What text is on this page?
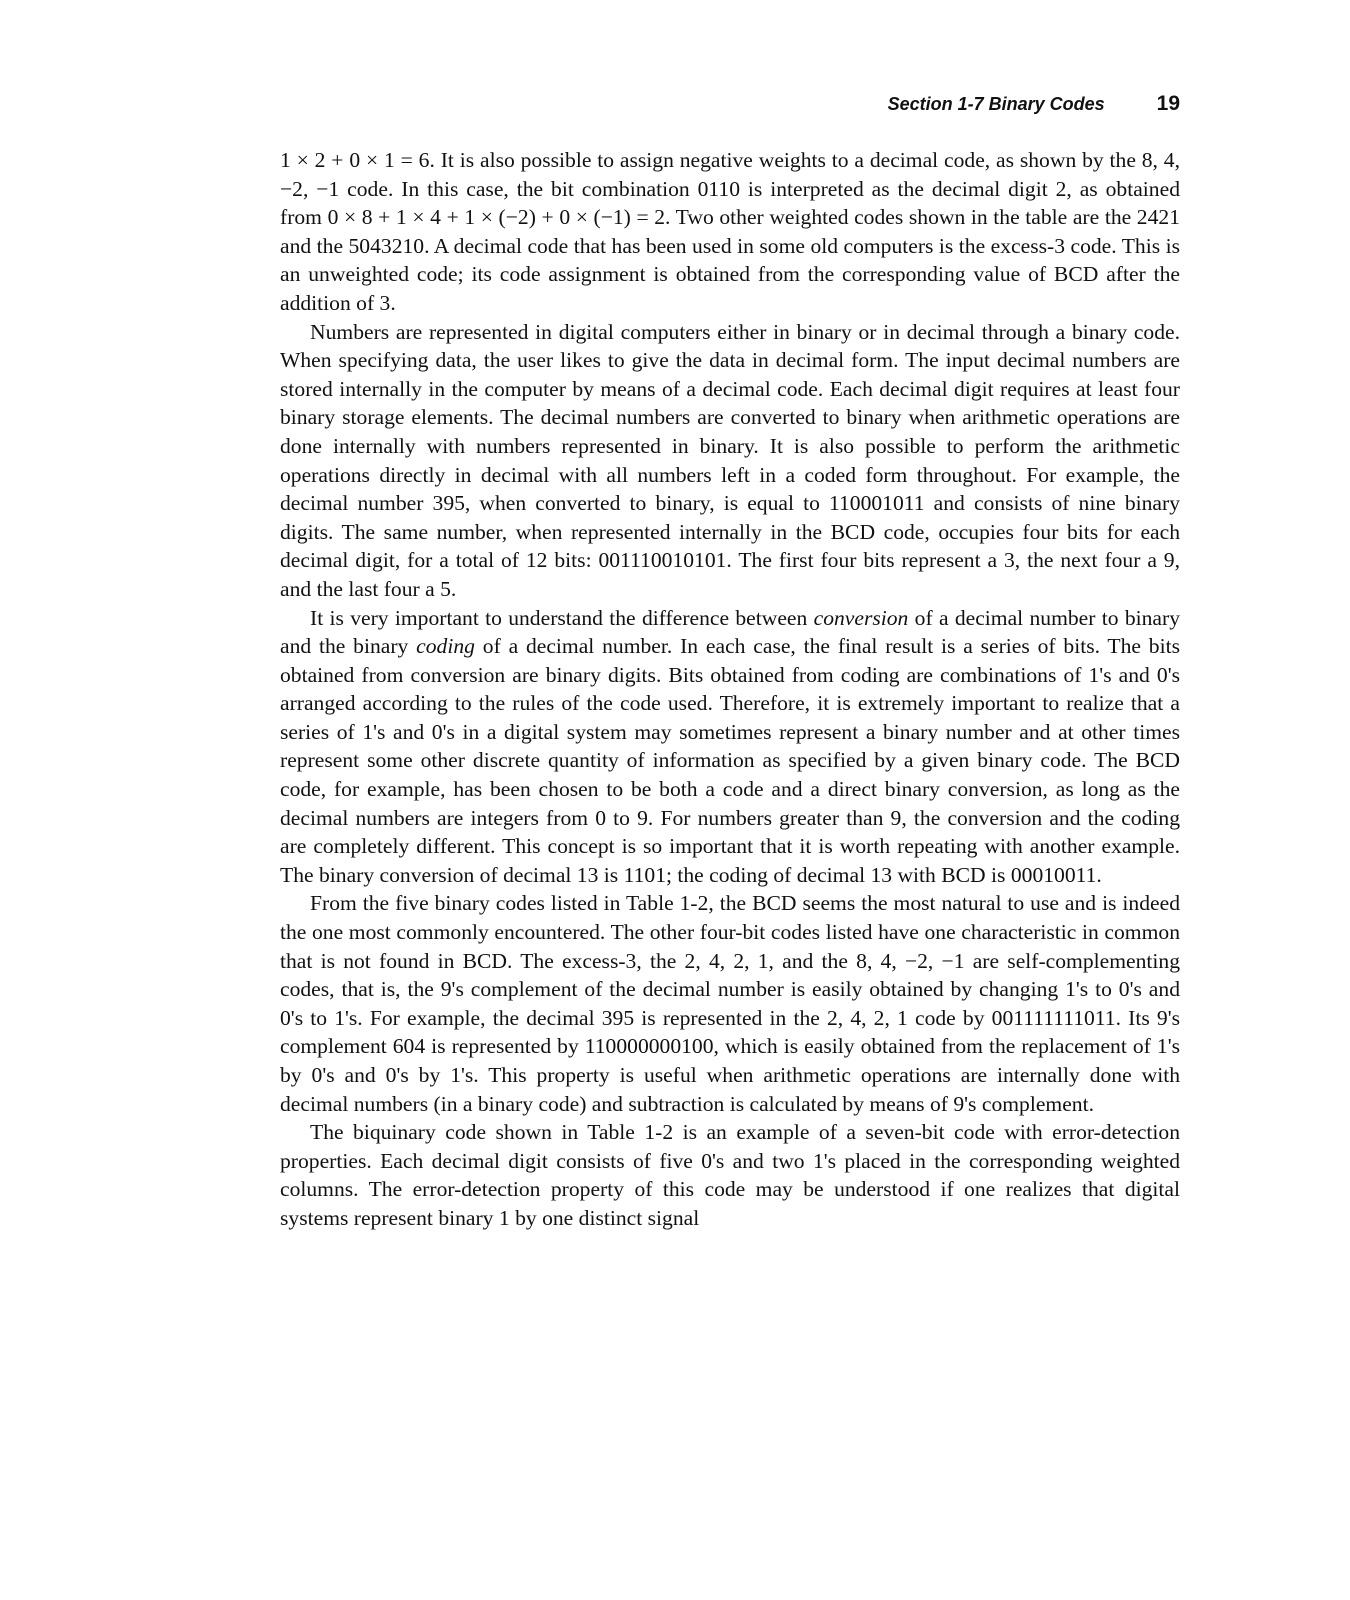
Section 1-7 Binary Codes 19

1 × 2 + 0 × 1 = 6. It is also possible to assign negative weights to a decimal code, as shown by the 8, 4, −2, −1 code. In this case, the bit combination 0110 is interpreted as the decimal digit 2, as obtained from 0 × 8 + 1 × 4 + 1 × (−2) + 0 × (−1) = 2. Two other weighted codes shown in the table are the 2421 and the 5043210. A decimal code that has been used in some old computers is the excess-3 code. This is an unweighted code; its code assignment is obtained from the corresponding value of BCD after the addition of 3.

Numbers are represented in digital computers either in binary or in decimal through a binary code. When specifying data, the user likes to give the data in decimal form. The input decimal numbers are stored internally in the computer by means of a decimal code. Each decimal digit requires at least four binary storage elements. The decimal numbers are converted to binary when arithmetic operations are done internally with numbers represented in binary. It is also possible to perform the arithmetic operations directly in decimal with all numbers left in a coded form throughout. For example, the decimal number 395, when converted to binary, is equal to 110001011 and consists of nine binary digits. The same number, when represented internally in the BCD code, occupies four bits for each decimal digit, for a total of 12 bits: 001110010101. The first four bits represent a 3, the next four a 9, and the last four a 5.

It is very important to understand the difference between conversion of a decimal number to binary and the binary coding of a decimal number. In each case, the final result is a series of bits. The bits obtained from conversion are binary digits. Bits obtained from coding are combinations of 1's and 0's arranged according to the rules of the code used. Therefore, it is extremely important to realize that a series of 1's and 0's in a digital system may sometimes represent a binary number and at other times represent some other discrete quantity of information as specified by a given binary code. The BCD code, for example, has been chosen to be both a code and a direct binary conversion, as long as the decimal numbers are integers from 0 to 9. For numbers greater than 9, the conversion and the coding are completely different. This concept is so important that it is worth repeating with another example. The binary conversion of decimal 13 is 1101; the coding of decimal 13 with BCD is 00010011.

From the five binary codes listed in Table 1-2, the BCD seems the most natural to use and is indeed the one most commonly encountered. The other four-bit codes listed have one characteristic in common that is not found in BCD. The excess-3, the 2, 4, 2, 1, and the 8, 4, −2, −1 are self-complementing codes, that is, the 9's complement of the decimal number is easily obtained by changing 1's to 0's and 0's to 1's. For example, the decimal 395 is represented in the 2, 4, 2, 1 code by 001111111011. Its 9's complement 604 is represented by 110000000100, which is easily obtained from the replacement of 1's by 0's and 0's by 1's. This property is useful when arithmetic operations are internally done with decimal numbers (in a binary code) and subtraction is calculated by means of 9's complement.

The biquinary code shown in Table 1-2 is an example of a seven-bit code with error-detection properties. Each decimal digit consists of five 0's and two 1's placed in the corresponding weighted columns. The error-detection property of this code may be understood if one realizes that digital systems represent binary 1 by one distinct signal
